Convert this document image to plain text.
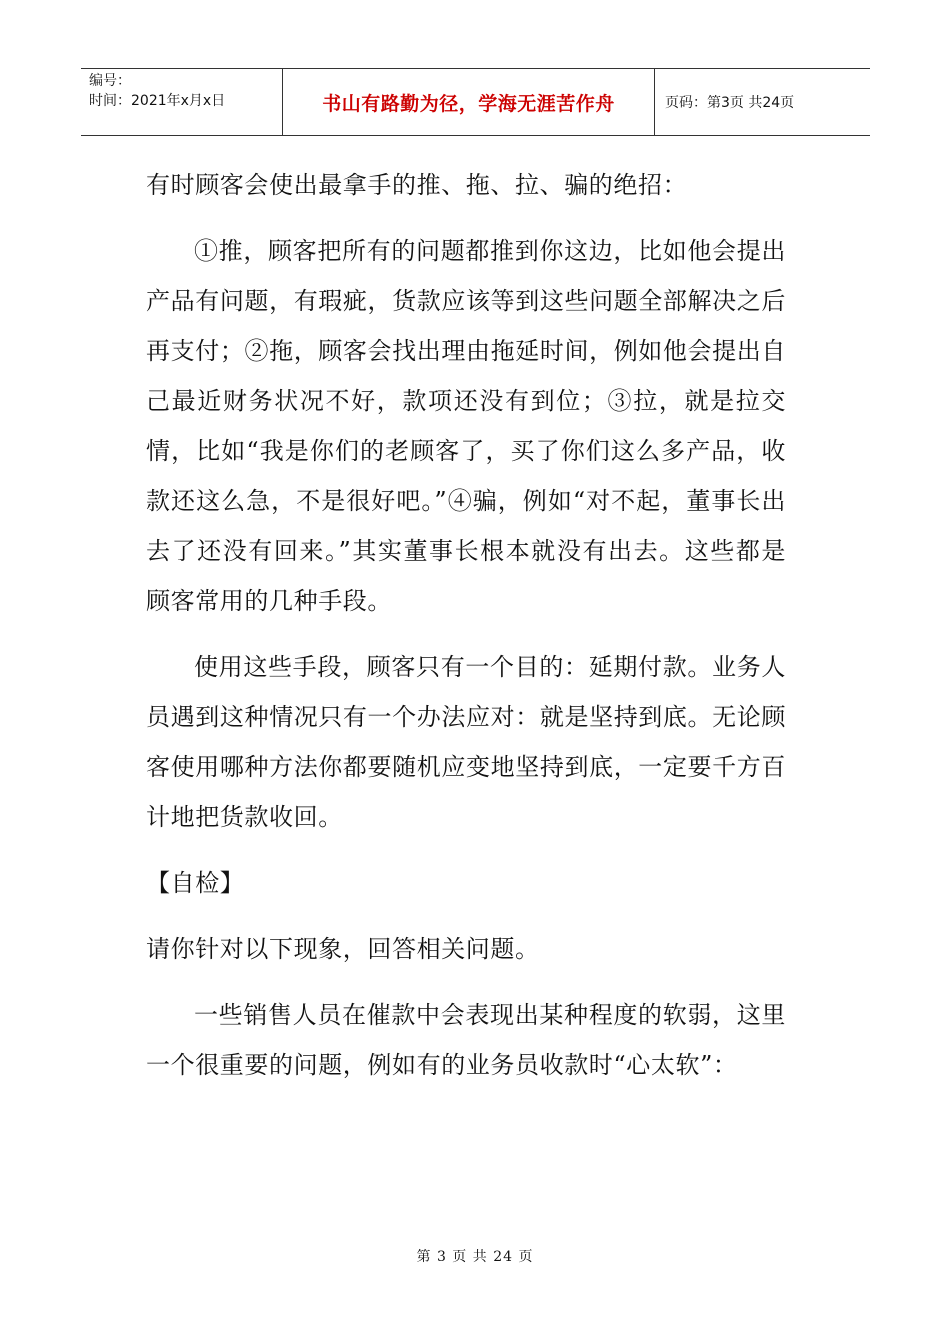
编号：
时间：2021年x月x日	书山有路勤为径，学海无涯苦作舟	页码：第3页 共24页

有时顾客会使出最拿手的推、拖、拉、骗的绝招：

①推，顾客把所有的问题都推到你这边，比如他会提出产品有问题，有瑕疵，货款应该等到这些问题全部解决之后再支付；②拖，顾客会找出理由拖延时间，例如他会提出自己最近财务状况不好，款项还没有到位；③拉，就是拉交情，比如“我是你们的老顾客了，买了你们这么多产品，收款还这么急，不是很好吧。”④骗，例如“对不起，董事长出去了还没有回来。”其实董事长根本就没有出去。这些都是顾客常用的几种手段。

使用这些手段，顾客只有一个目的：延期付款。业务人员遇到这种情况只有一个办法应对：就是坚持到底。无论顾客使用哪种方法你都要随机应变地坚持到底，一定要千方百计地把货款收回。

【自检】

请你针对以下现象，回答相关问题。

一些销售人员在催款中会表现出某种程度的软弱，这里一个很重要的问题，例如有的业务员收款时“心太软”：

第 3 页 共 24 页
